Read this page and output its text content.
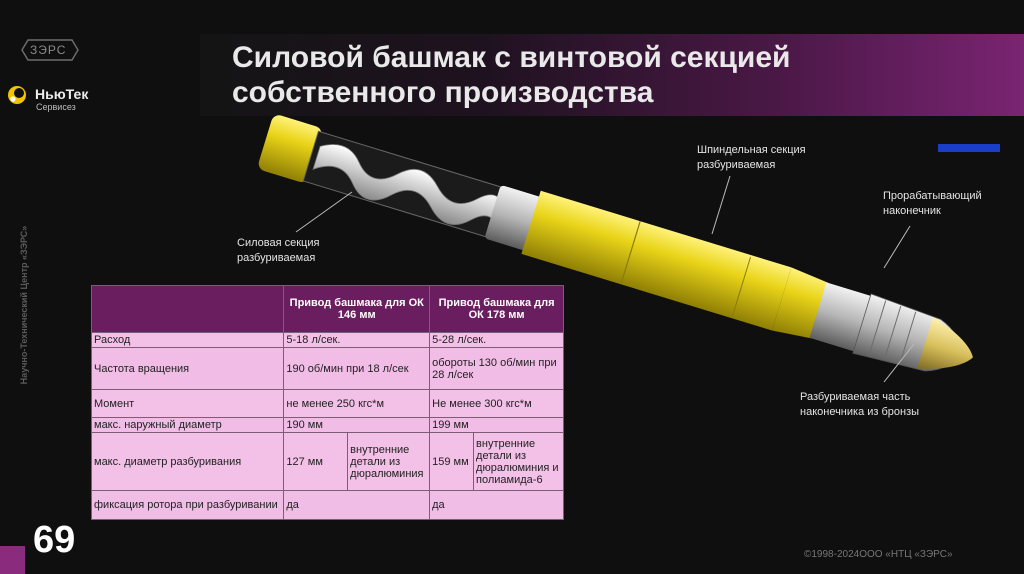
Силовой башмак с винтовой секцией собственного производства
ЗЭРС
НьюТек
Сервисез
Научно-Технический Центр «ЗЭРС»	Силовая секция
разбуриваемая
Шпиндельная секция
разбуриваемая
Прорабатывающий
наконечник
Разбуриваемая часть
наконечника из бронзы
	Привод башмака для ОК 146 мм		Привод башмака для ОК 178 мм	
Расход	5-18 л/сек.		5-28 л/сек.	
Частота вращения	190 об/мин при 18 л/сек		обороты 130 об/мин при 28 л/сек	
Момент	не менее 250 кгс*м		Не менее 300 кгс*м	
макс. наружный диаметр	190 мм		199 мм	
макс. диаметр разбуривания	127 мм	внутренние детали из дюралюминия	159 мм	внутренние детали из дюралюминия и полиамида-6
фиксация ротора при разбуривании	да		да	
69	©1998-2024ООО «НТЦ «ЗЭРС»
